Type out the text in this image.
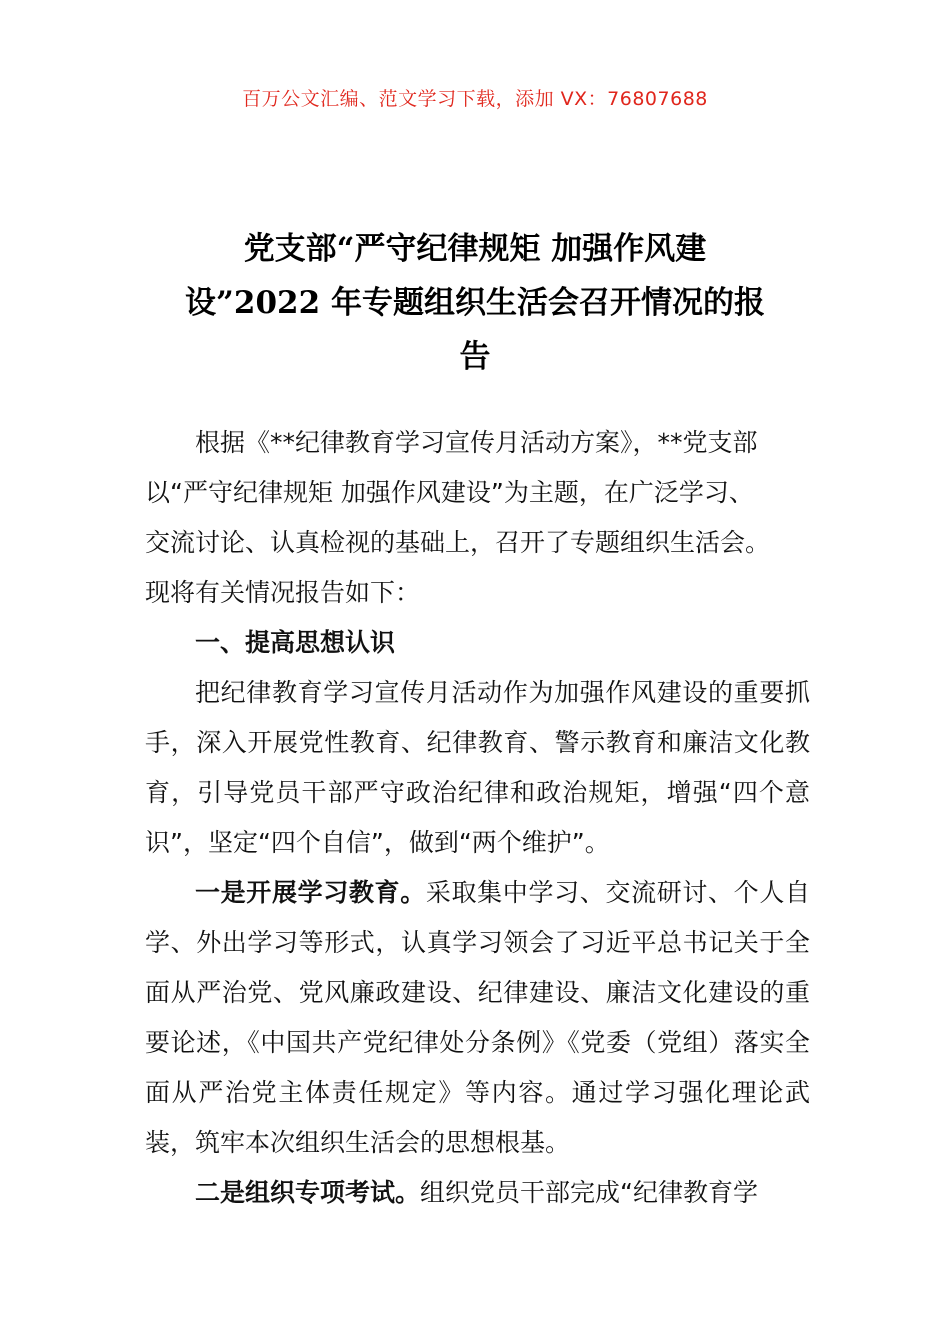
百万公文汇编、范文学习下载，添加 VX：76807688
党支部“严守纪律规矩 加强作风建
设”2022 年专题组织生活会召开情况的报
告

根据《**纪律教育学习宣传月活动方案》，**党支部

以“严守纪律规矩 加强作风建设”为主题，在广泛学习、

交流讨论、认真检视的基础上，召开了专题组织生活会。

现将有关情况报告如下：

一、提高思想认识

把纪律教育学习宣传月活动作为加强作风建设的重要抓手，深入开展党性教育、纪律教育、警示教育和廉洁文化教育，引导党员干部严守政治纪律和政治规矩，增强“四个意识”，坚定“四个自信”，做到“两个维护”。

一是开展学习教育。采取集中学习、交流研讨、个人自学、外出学习等形式，认真学习领会了习近平总书记关于全面从严治党、党风廉政建设、纪律建设、廉洁文化建设的重要论述，《中国共产党纪律处分条例》《党委（党组）落实全面从严治党主体责任规定》等内容。通过学习强化理论武装，筑牢本次组织生活会的思想根基。

二是组织专项考试。组织党员干部完成“纪律教育学
